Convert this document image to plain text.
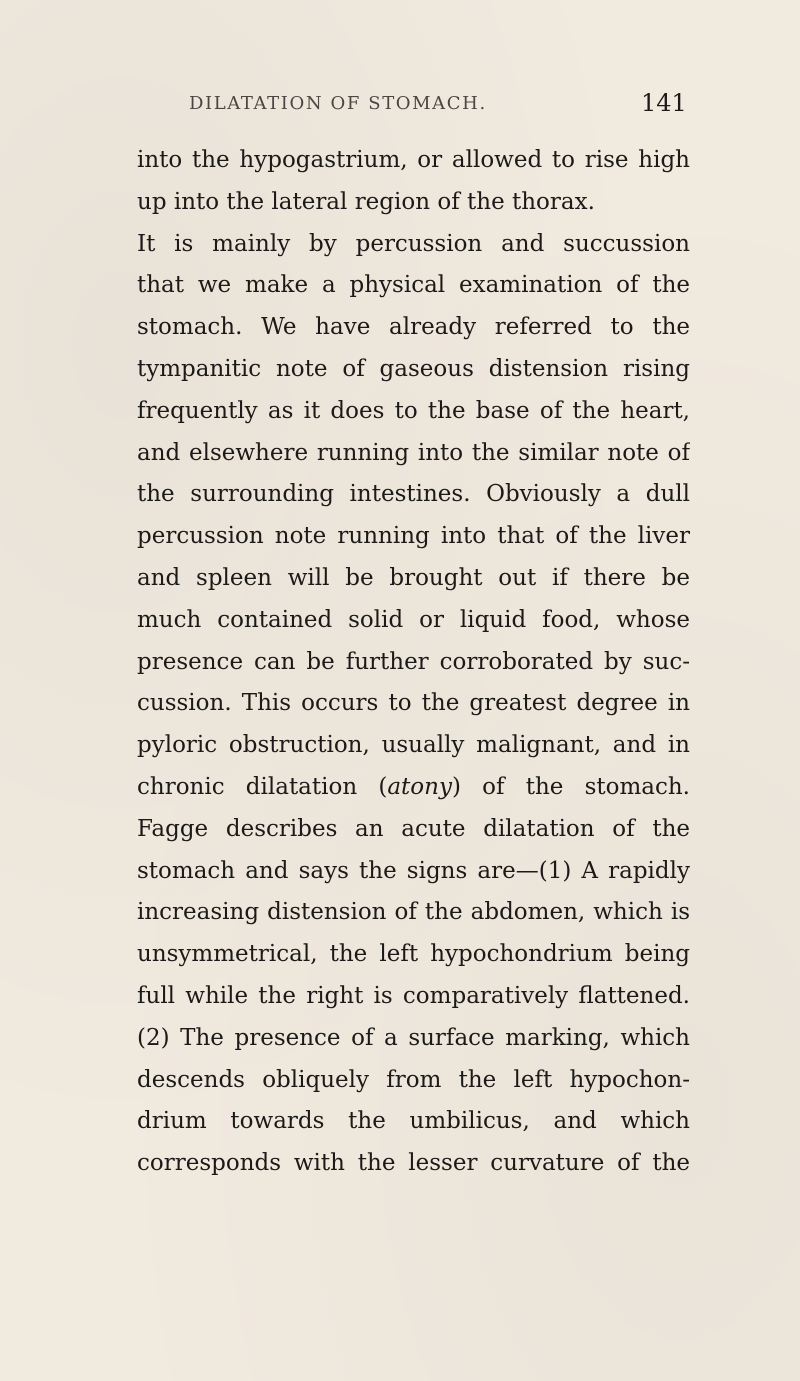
DILATATION OF STOMACH.	141
into the hypogastrium, or allowed to rise high
up into the lateral region of the thorax.
It is mainly by percussion and succussion
that we make a physical examination of the
stomach. We have already referred to the
tympanitic note of gaseous distension rising
frequently as it does to the base of the heart,
and elsewhere running into the similar note of
the surrounding intestines. Obviously a dull
percussion note running into that of the liver
and spleen will be brought out if there be
much contained solid or liquid food, whose
presence can be further corroborated by suc-
cussion. This occurs to the greatest degree in
pyloric obstruction, usually malignant, and in
chronic dilatation (atony) of the stomach.
Fagge describes an acute dilatation of the
stomach and says the signs are—(1) A rapidly
increasing distension of the abdomen, which is
unsymmetrical, the left hypochondrium being
full while the right is comparatively flattened.
(2) The presence of a surface marking, which
descends obliquely from the left hypochon-
drium towards the umbilicus, and which
corresponds with the lesser curvature of the
